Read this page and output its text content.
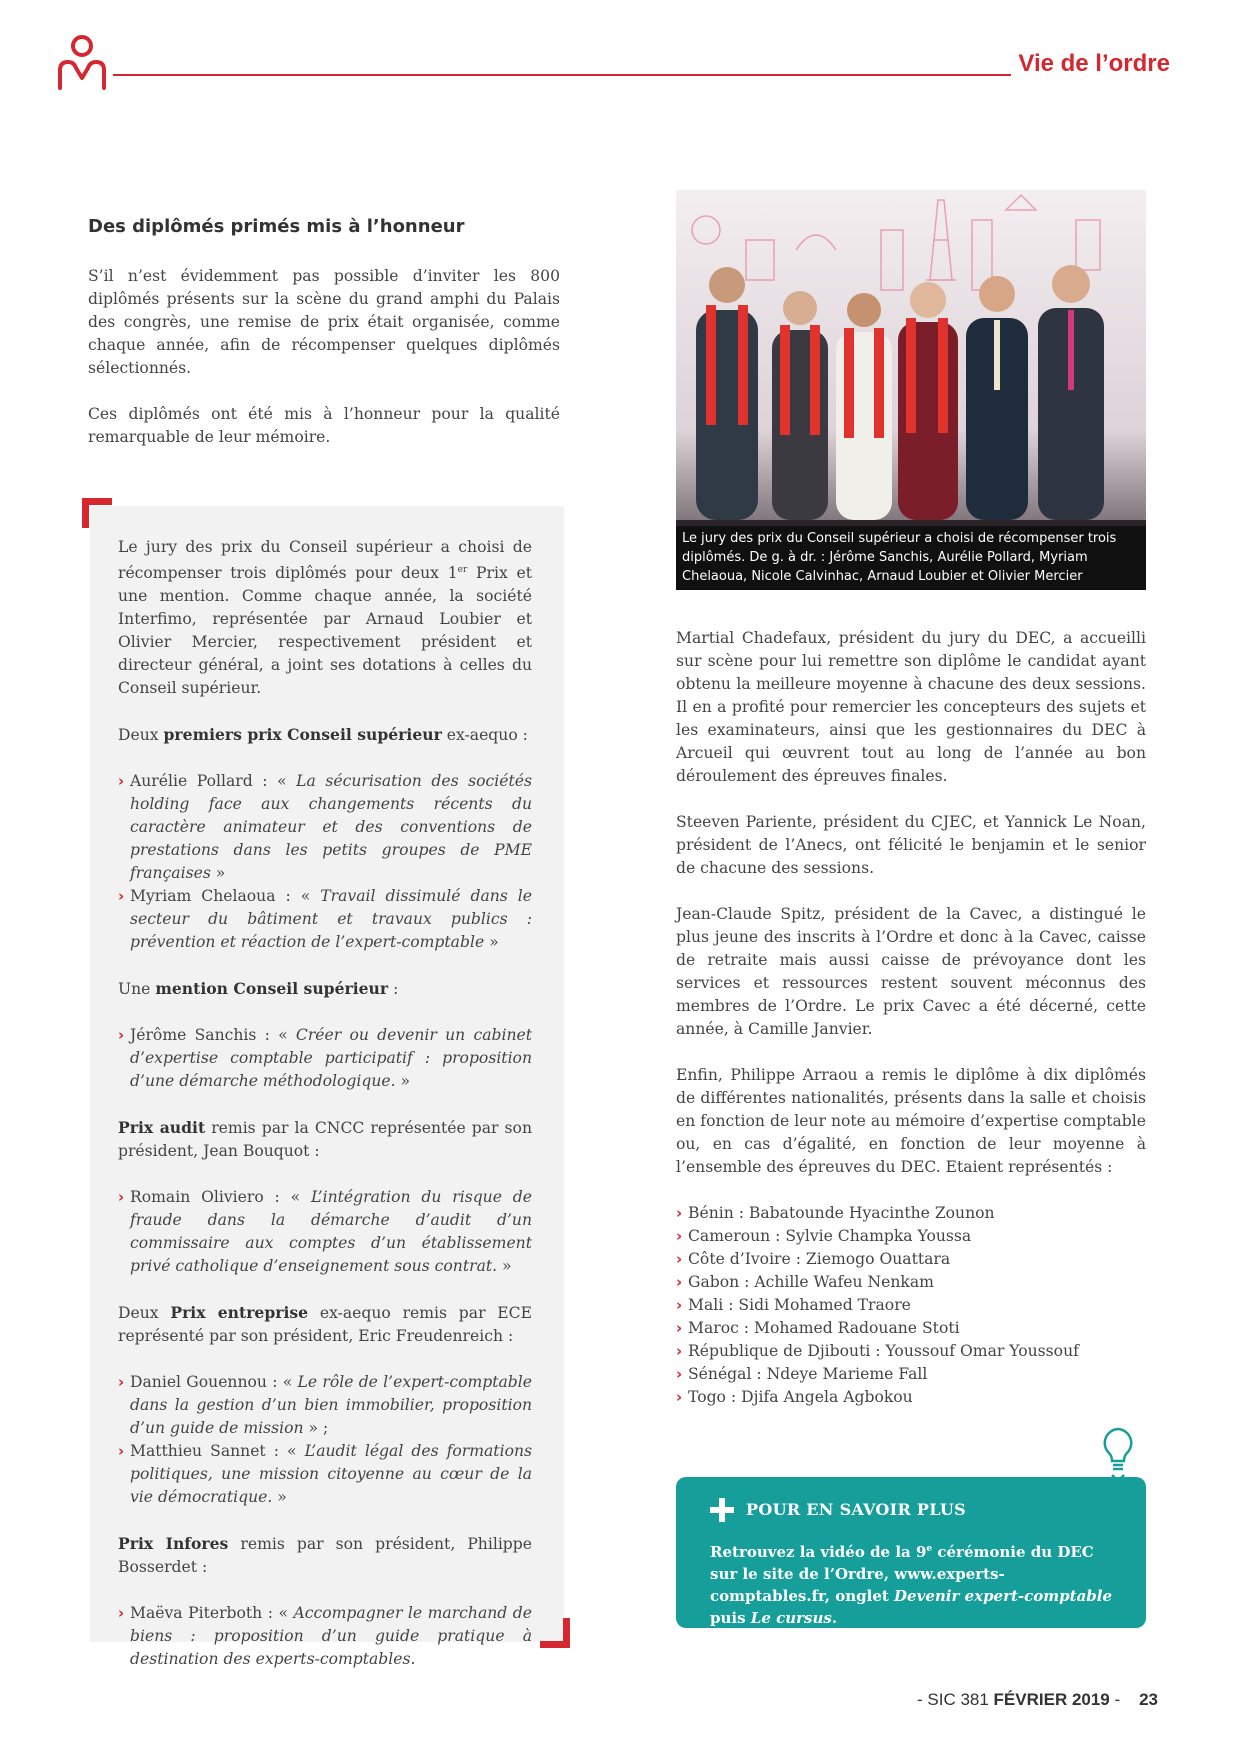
Vie de l’ordre
Des diplômés primés mis à l’honneur

S’il n’est évidemment pas possible d’inviter les 800 diplômés présents sur la scène du grand amphi du Palais des congrès, une remise de prix était organisée, comme chaque année, afin de récompenser quelques diplômés sélectionnés.

Ces diplômés ont été mis à l’honneur pour la qualité remarquable de leur mémoire.

Le jury des prix du Conseil supérieur a choisi de récompenser trois diplômés pour deux 1er Prix et une mention. Comme chaque année, la société Interfimo, représentée par Arnaud Loubier et Olivier Mercier, respectivement président et directeur général, a joint ses dotations à celles du Conseil supérieur.

Deux premiers prix Conseil supérieur ex-aequo :

› Aurélie Pollard : « La sécurisation des sociétés holding face aux changements récents du caractère animateur et des conventions de prestations dans les petits groupes de PME françaises »
› Myriam Chelaoua : « Travail dissimulé dans le secteur du bâtiment et travaux publics : prévention et réaction de l’expert-comptable »

Une mention Conseil supérieur :

› Jérôme Sanchis : « Créer ou devenir un cabinet d’expertise comptable participatif : proposition d’une démarche méthodologique. »

Prix audit remis par la CNCC représentée par son président, Jean Bouquot :

› Romain Oliviero : « L’intégration du risque de fraude dans la démarche d’audit d’un commissaire aux comptes d’un établissement privé catholique d’enseignement sous contrat. »

Deux Prix entreprise ex-aequo remis par ECE représenté par son président, Eric Freudenreich :

› Daniel Gouennou : « Le rôle de l’expert-comptable dans la gestion d’un bien immobilier, proposition d’un guide de mission » ;
› Matthieu Sannet : « L’audit légal des formations politiques, une mission citoyenne au cœur de la vie démocratique. »

Prix Infores remis par son président, Philippe Bosserdet :

› Maëva Piterboth : « Accompagner le marchand de biens : proposition d’un guide pratique à destination des experts-comptables.
Le jury des prix du Conseil supérieur a choisi de récompenser trois diplômés. De g. à dr. : Jérôme Sanchis, Aurélie Pollard, Myriam Chelaoua, Nicole Calvinhac, Arnaud Loubier et Olivier Mercier

Martial Chadefaux, président du jury du DEC, a accueilli sur scène pour lui remettre son diplôme le candidat ayant obtenu la meilleure moyenne à chacune des deux sessions. Il en a profité pour remercier les concepteurs des sujets et les examinateurs, ainsi que les gestionnaires du DEC à Arcueil qui œuvrent tout au long de l’année au bon déroulement des épreuves finales.

Steeven Pariente, président du CJEC, et Yannick Le Noan, président de l’Anecs, ont félicité le benjamin et le senior de chacune des sessions.

Jean-Claude Spitz, président de la Cavec, a distingué le plus jeune des inscrits à l’Ordre et donc à la Cavec, caisse de retraite mais aussi caisse de prévoyance dont les services et ressources restent souvent méconnus des membres de l’Ordre. Le prix Cavec a été décerné, cette année, à Camille Janvier.

Enfin, Philippe Arraou a remis le diplôme à dix diplômés de différentes nationalités, présents dans la salle et choisis en fonction de leur note au mémoire d’expertise comptable ou, en cas d’égalité, en fonction de leur moyenne à l’ensemble des épreuves du DEC. Etaient représentés :

› Bénin : Babatounde Hyacinthe Zounon
› Cameroun : Sylvie Champka Youssa
› Côte d’Ivoire : Ziemogo Ouattara
› Gabon : Achille Wafeu Nenkam
› Mali : Sidi Mohamed Traore
› Maroc : Mohamed Radouane Stoti
› République de Djibouti : Youssouf Omar Youssouf
› Sénégal : Ndeye Marieme Fall
› Togo : Djifa Angela Agbokou
POUR EN SAVOIR PLUS
Retrouvez la vidéo de la 9e cérémonie du DEC sur le site de l’Ordre, www.experts-comptables.fr, onglet Devenir expert-comptable puis Le cursus.
- SIC 381 FÉVRIER 2019 - 23
